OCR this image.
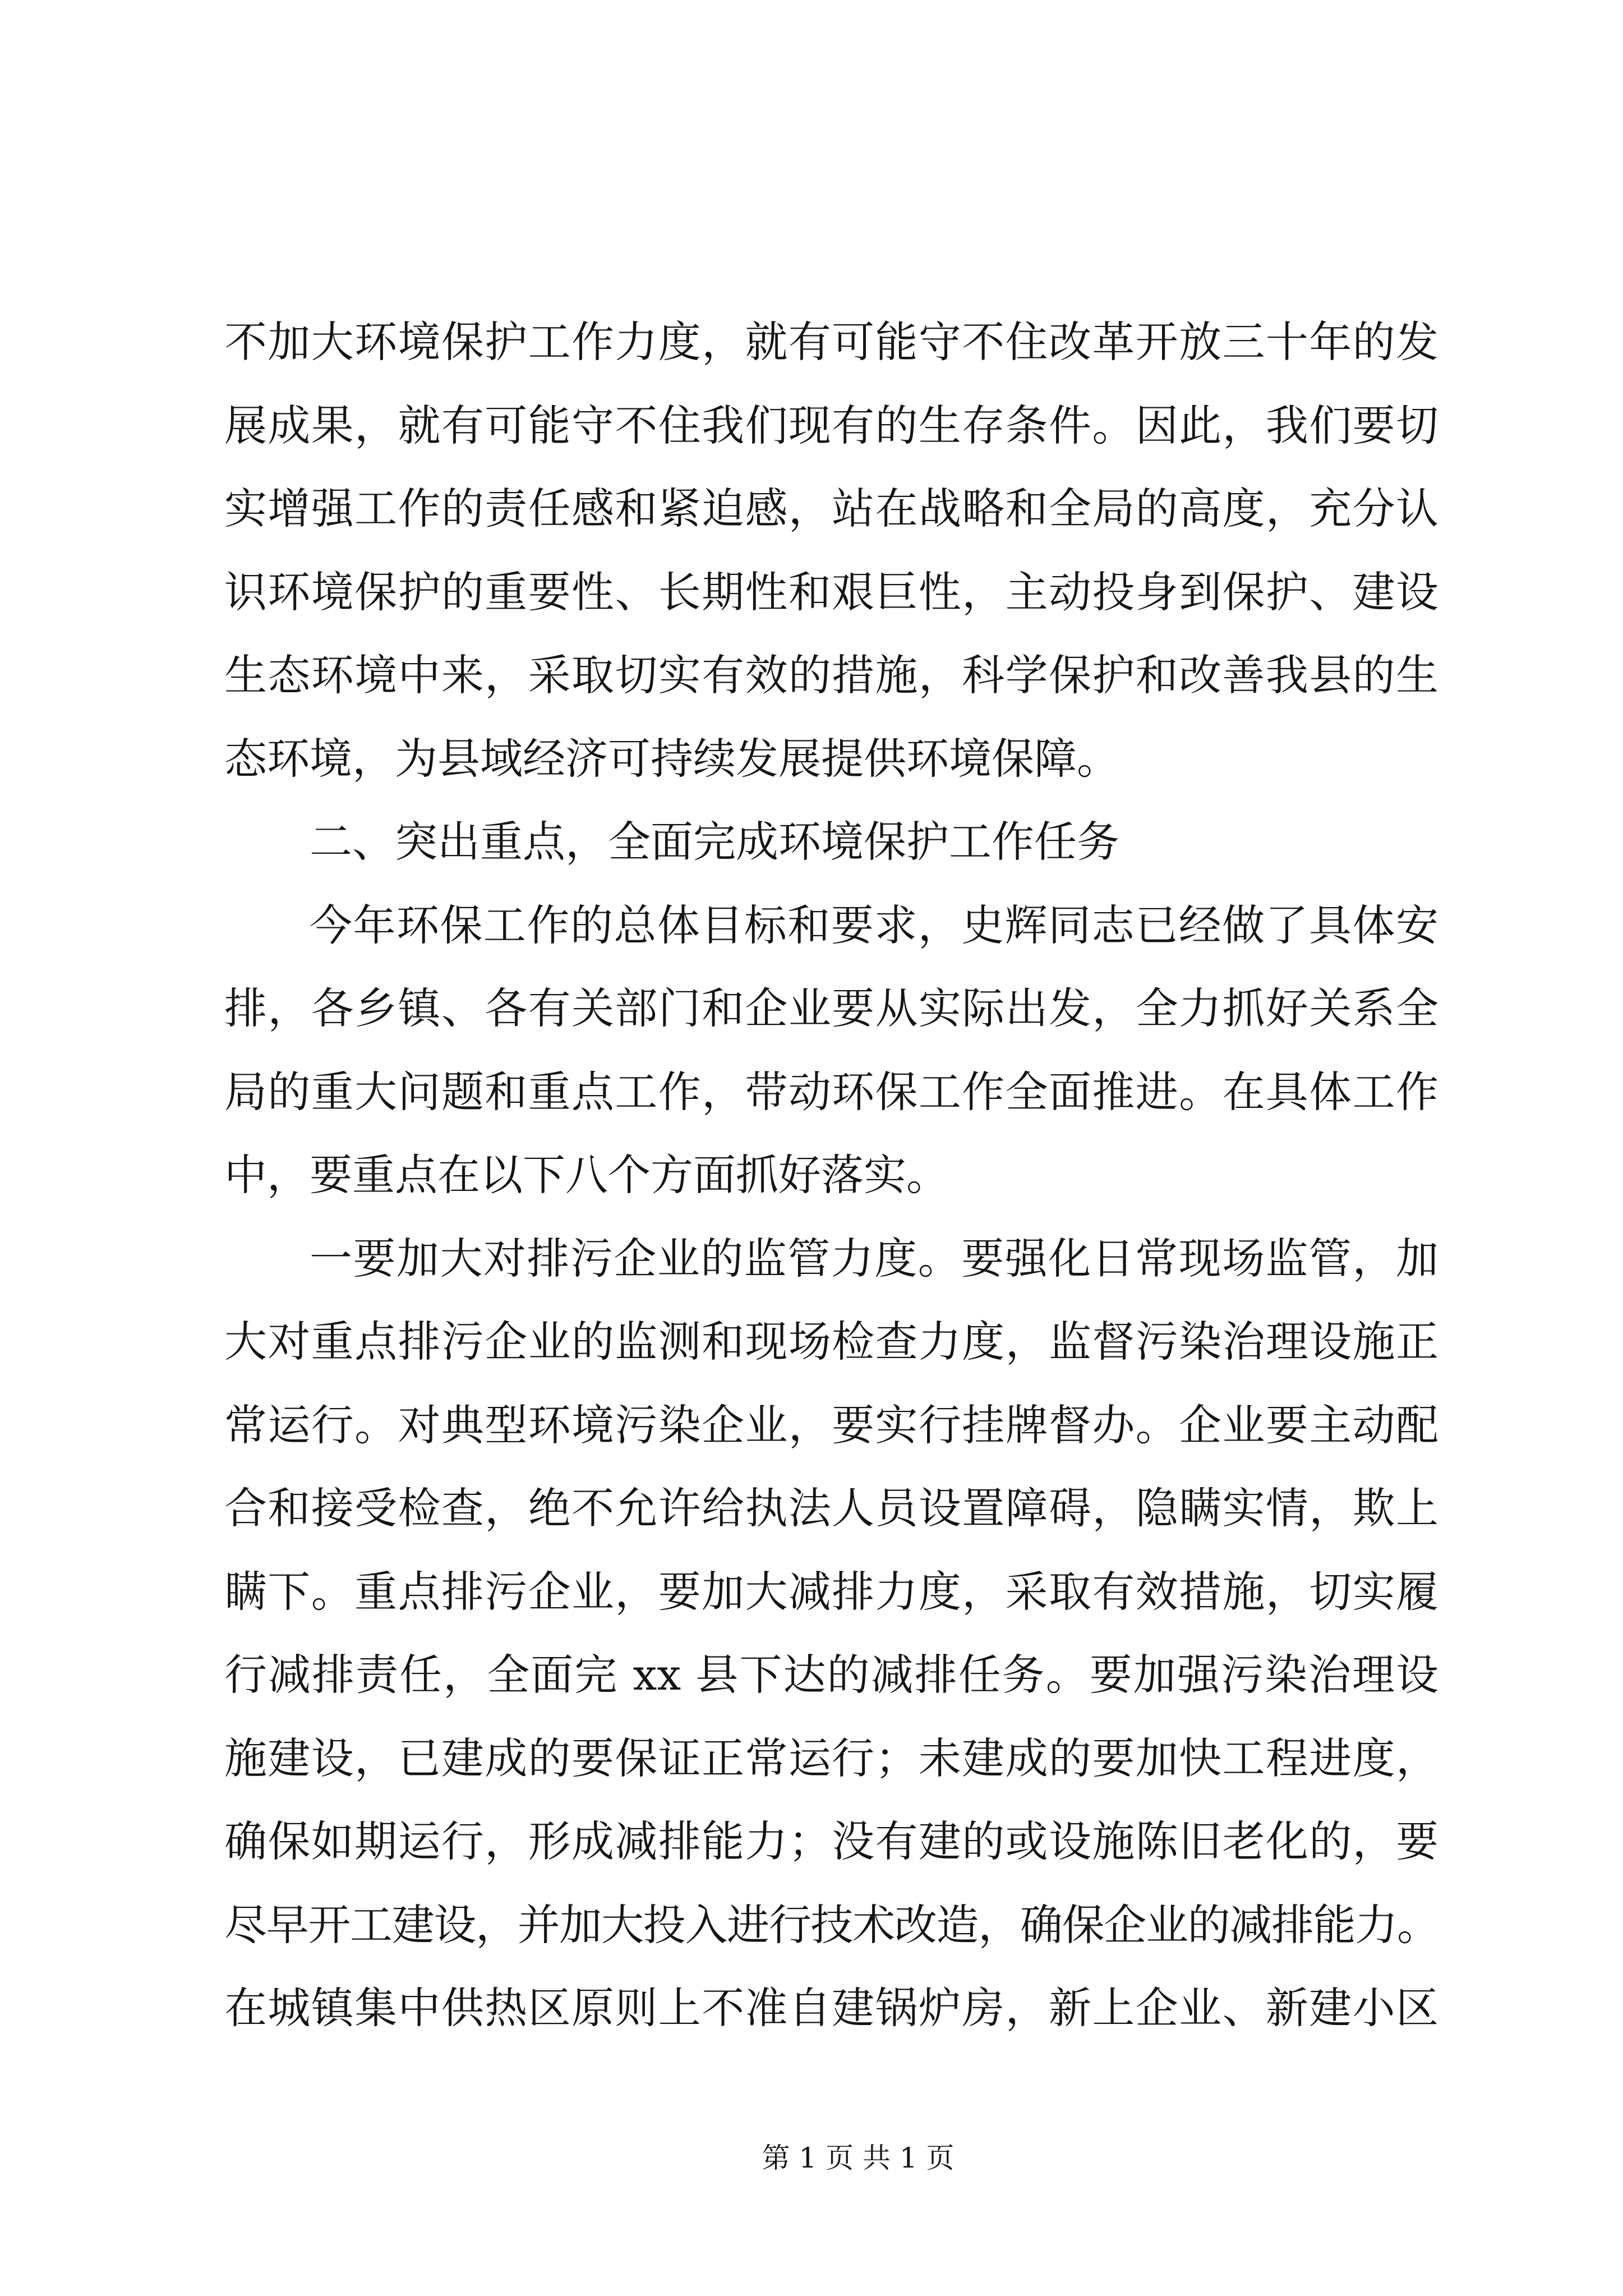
不加大环境保护工作力度，就有可能守不住改革开放三十年的发
展成果，就有可能守不住我们现有的生存条件。因此，我们要切
实增强工作的责任感和紧迫感，站在战略和全局的高度，充分认
识环境保护的重要性、长期性和艰巨性，主动投身到保护、建设
生态环境中来，采取切实有效的措施，科学保护和改善我县的生
态环境，为县域经济可持续发展提供环境保障。
二、突出重点，全面完成环境保护工作任务
今年环保工作的总体目标和要求，史辉同志已经做了具体安
排，各乡镇、各有关部门和企业要从实际出发，全力抓好关系全
局的重大问题和重点工作，带动环保工作全面推进。在具体工作
中，要重点在以下八个方面抓好落实。
一要加大对排污企业的监管力度。要强化日常现场监管，加
大对重点排污企业的监测和现场检查力度，监督污染治理设施正
常运行。对典型环境污染企业，要实行挂牌督办。企业要主动配
合和接受检查，绝不允许给执法人员设置障碍，隐瞒实情，欺上
瞒下。重点排污企业，要加大减排力度，采取有效措施，切实履
行减排责任，全面完 xx 县下达的减排任务。要加强污染治理设
施建设，已建成的要保证正常运行；未建成的要加快工程进度，
确保如期运行，形成减排能力；没有建的或设施陈旧老化的，要
尽早开工建设，并加大投入进行技术改造，确保企业的减排能力。
在城镇集中供热区原则上不准自建锅炉房，新上企业、新建小区
第 1 页 共 1 页
